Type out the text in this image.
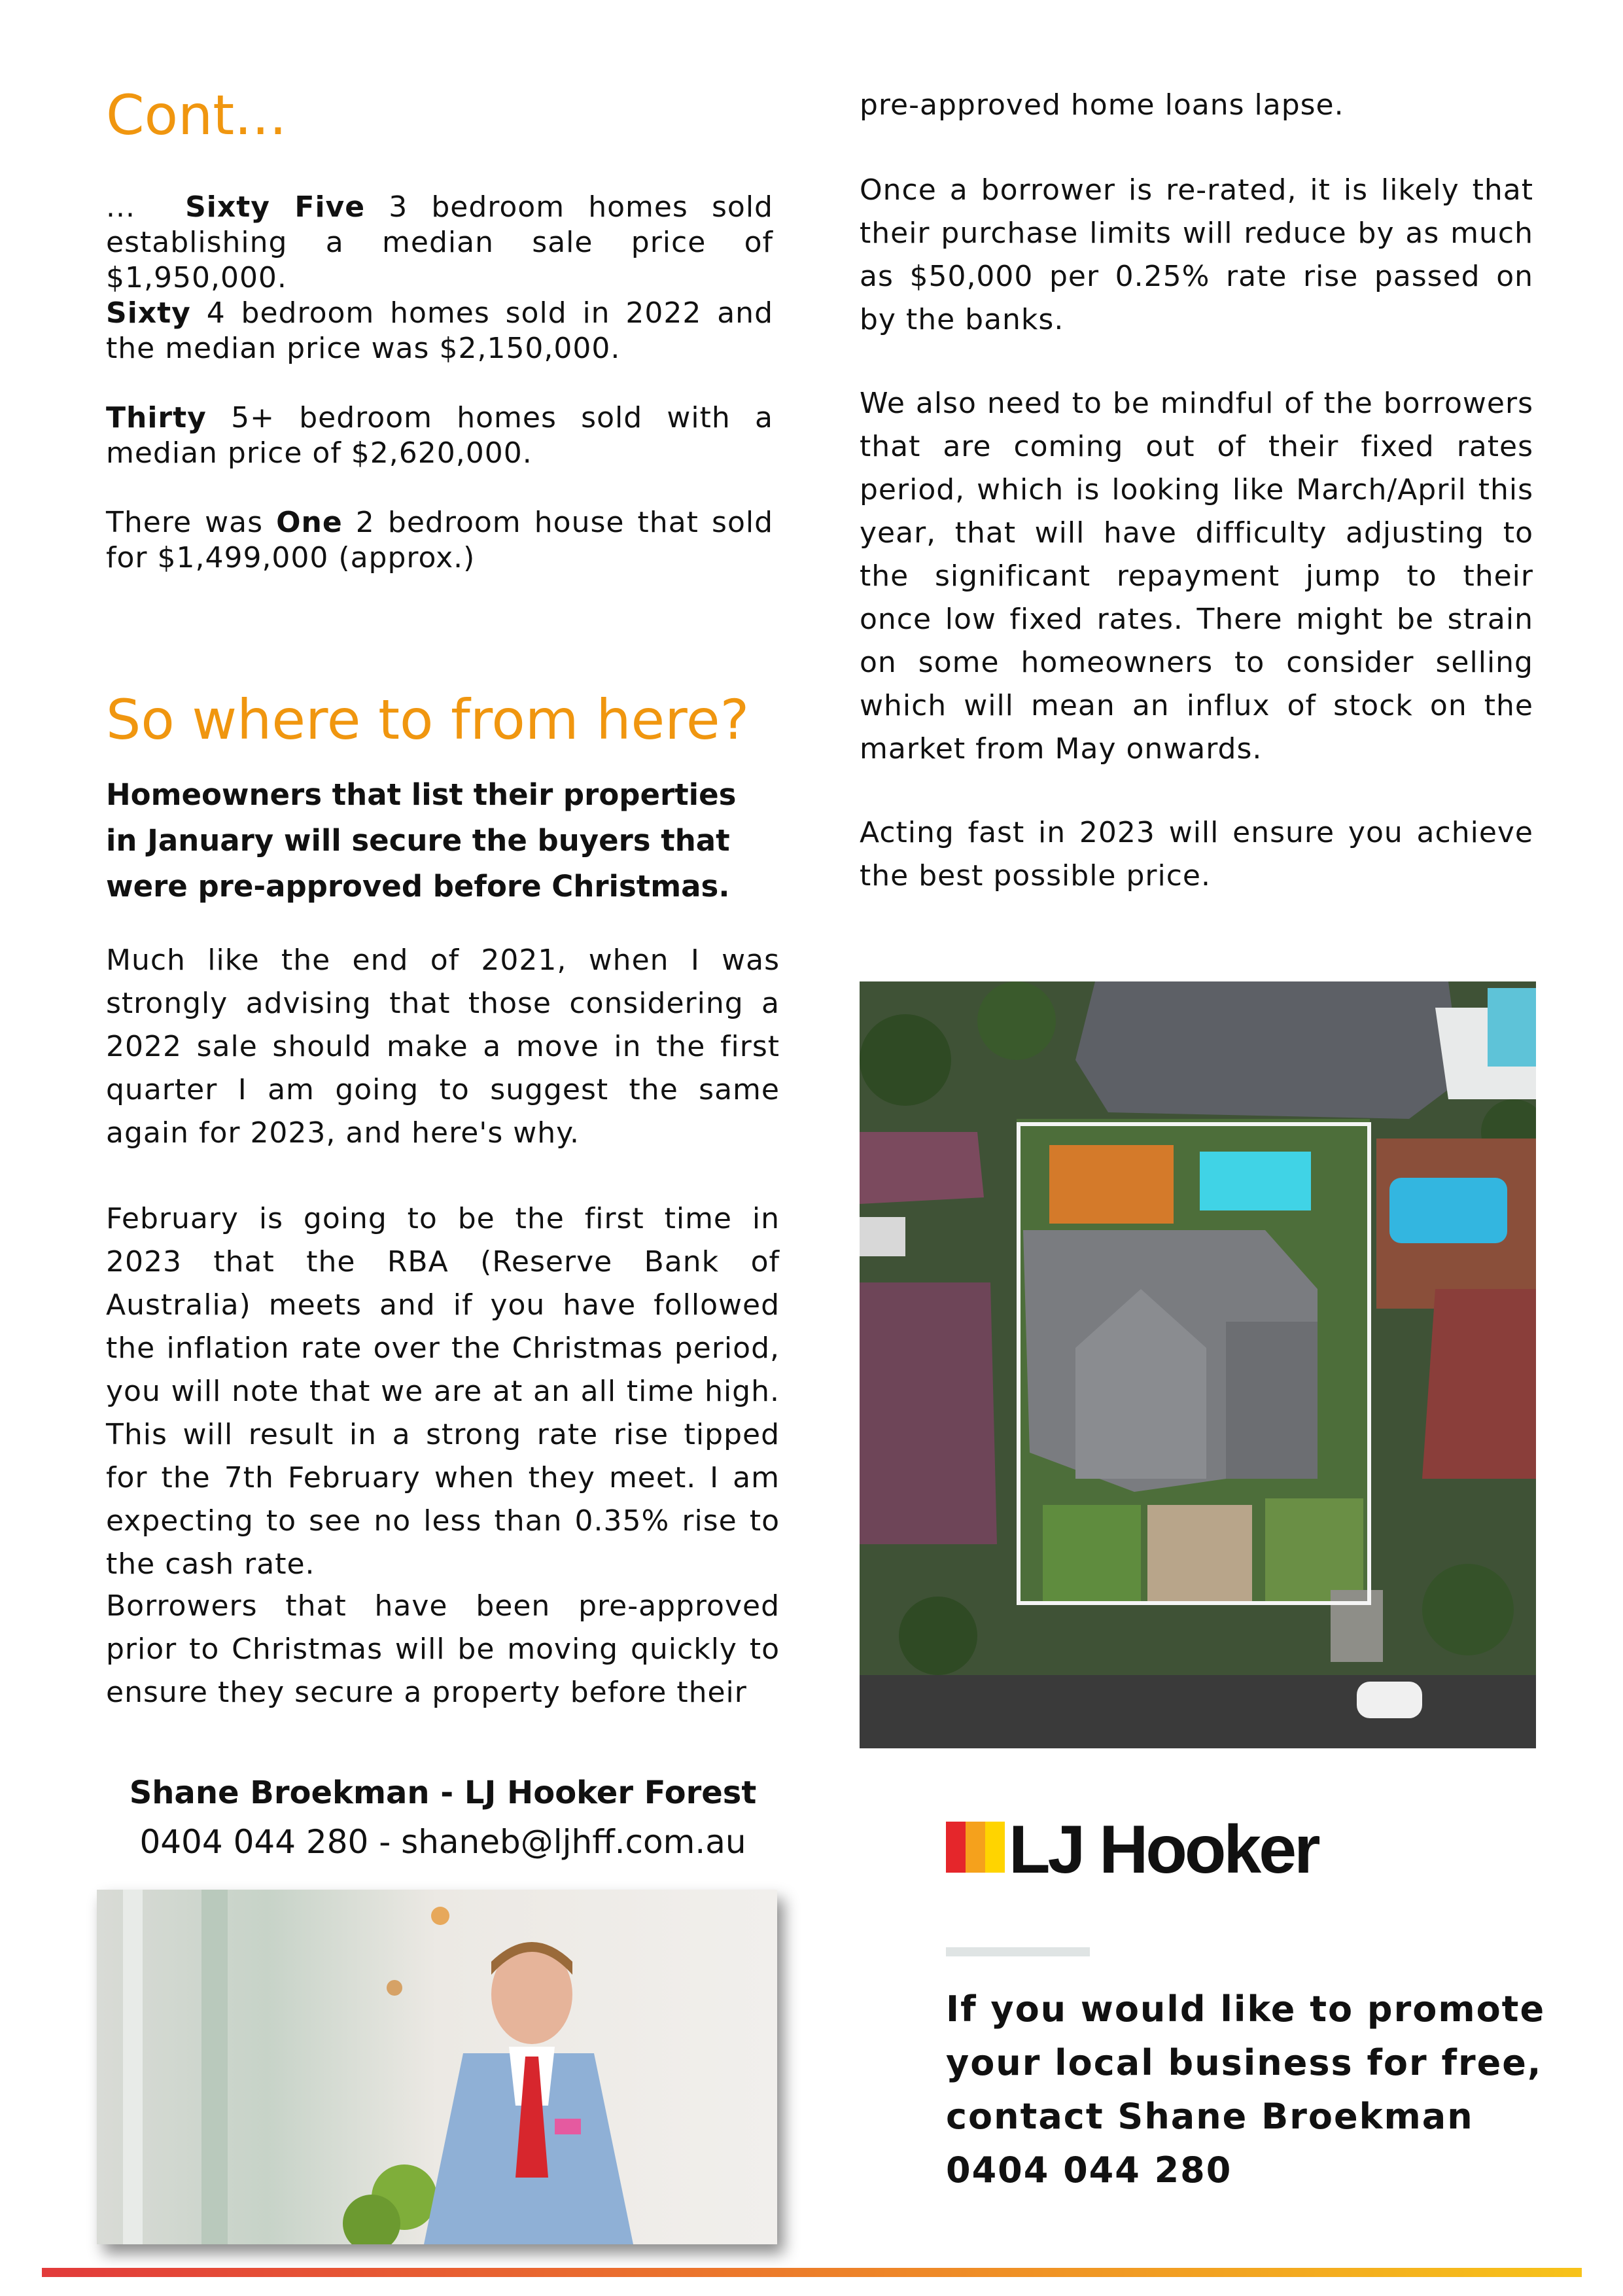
Cont...

... Sixty Five 3 bedroom homes sold establishing a median sale price of $1,950,000.

Sixty 4 bedroom homes sold in 2022 and the median price was $2,150,000.

Thirty 5+ bedroom homes sold with a median price of $2,620,000.

There was One 2 bedroom house that sold for $1,499,000 (approx.)

So where to from here?

Homeowners that list their properties in January will secure the buyers that were pre-approved before Christmas.

Much like the end of 2021, when I was strongly advising that those considering a 2022 sale should make a move in the first quarter I am going to suggest the same again for 2023, and here's why.

February is going to be the first time in 2023 that the RBA (Reserve Bank of Australia) meets and if you have followed the inflation rate over the Christmas period, you will note that we are at an all time high. This will result in a strong rate rise tipped for the 7th February when they meet. I am expecting to see no less than 0.35% rise to the cash rate.

Borrowers that have been pre-approved prior to Christmas will be moving quickly to ensure they secure a property before their

pre-approved home loans lapse.

Once a borrower is re-rated, it is likely that their purchase limits will reduce by as much as $50,000 per 0.25% rate rise passed on by the banks.

We also need to be mindful of the borrowers that are coming out of their fixed rates period, which is looking like March/April this year, that will have difficulty adjusting to the significant repayment jump to their once low fixed rates. There might be strain on some homeowners to consider selling which will mean an influx of stock on the market from May onwards.

Acting fast in 2023 will ensure you achieve the best possible price.

Shane Broekman - LJ Hooker Forest

0404 044 280 - shaneb@ljhff.com.au	LJ Hooker

If you would like to promote

your local business for free,

contact Shane Broekman

0404 044 280
